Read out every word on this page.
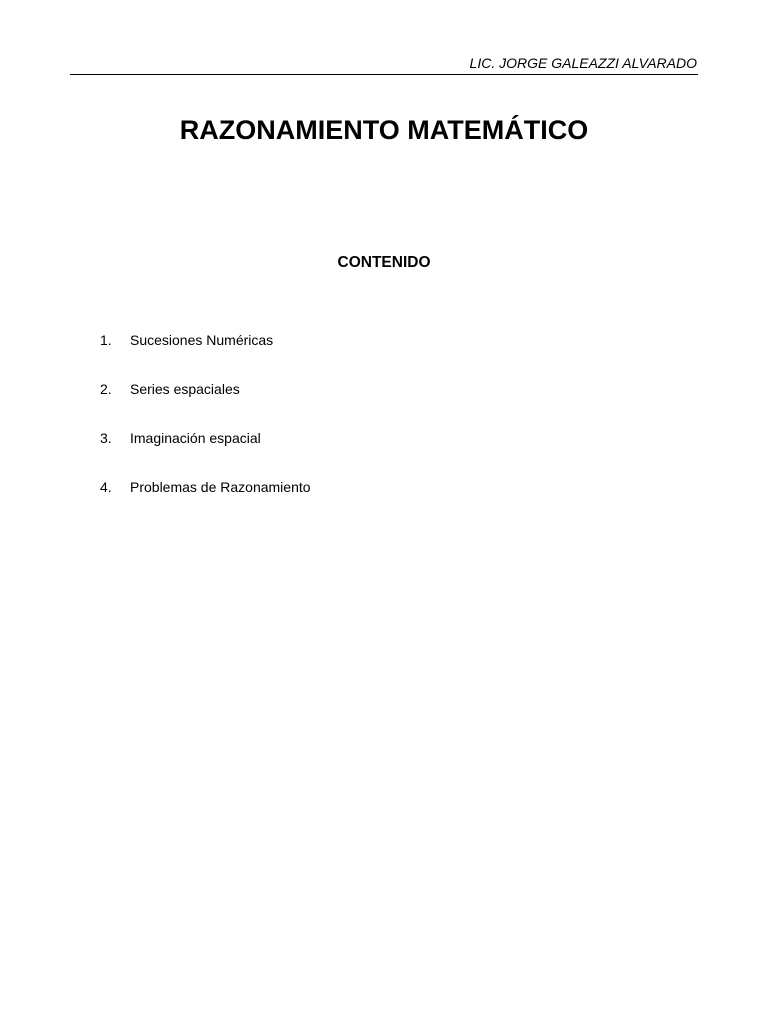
LIC. JORGE GALEAZZI ALVARADO
RAZONAMIENTO MATEMÁTICO
CONTENIDO
1. Sucesiones Numéricas
2. Series espaciales
3. Imaginación espacial
4. Problemas de Razonamiento
